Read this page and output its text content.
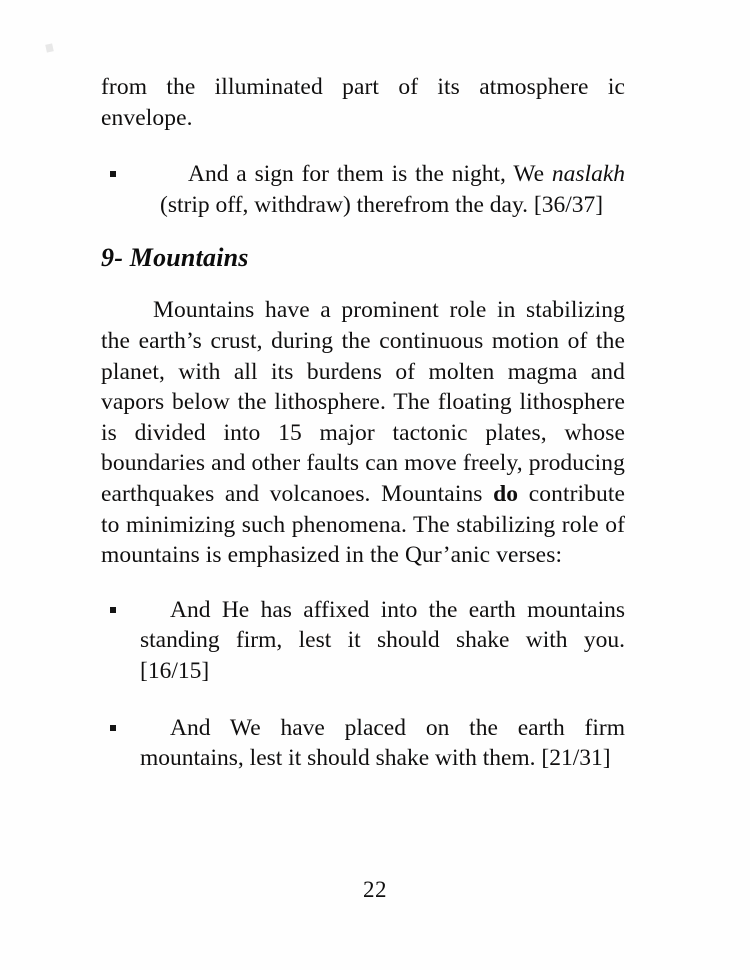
from the illuminated part of its atmosphere ic envelope.

And a sign for them is the night, We naslakh (strip off, withdraw) therefrom the day. [36/37]
9- Mountains

Mountains have a prominent role in stabilizing the earth’s crust, during the continuous motion of the planet, with all its burdens of molten magma and vapors below the lithosphere. The floating lithosphere is divided into 15 major tactonic plates, whose boundaries and other faults can move freely, producing earthquakes and volcanoes. Mountains do contribute to minimizing such phenomena. The stabilizing role of mountains is emphasized in the Qur’anic verses:

And He has affixed into the earth mountains standing firm, lest it should shake with you. [16/15]
And We have placed on the earth firm mountains, lest it should shake with them. [21/31]
22
